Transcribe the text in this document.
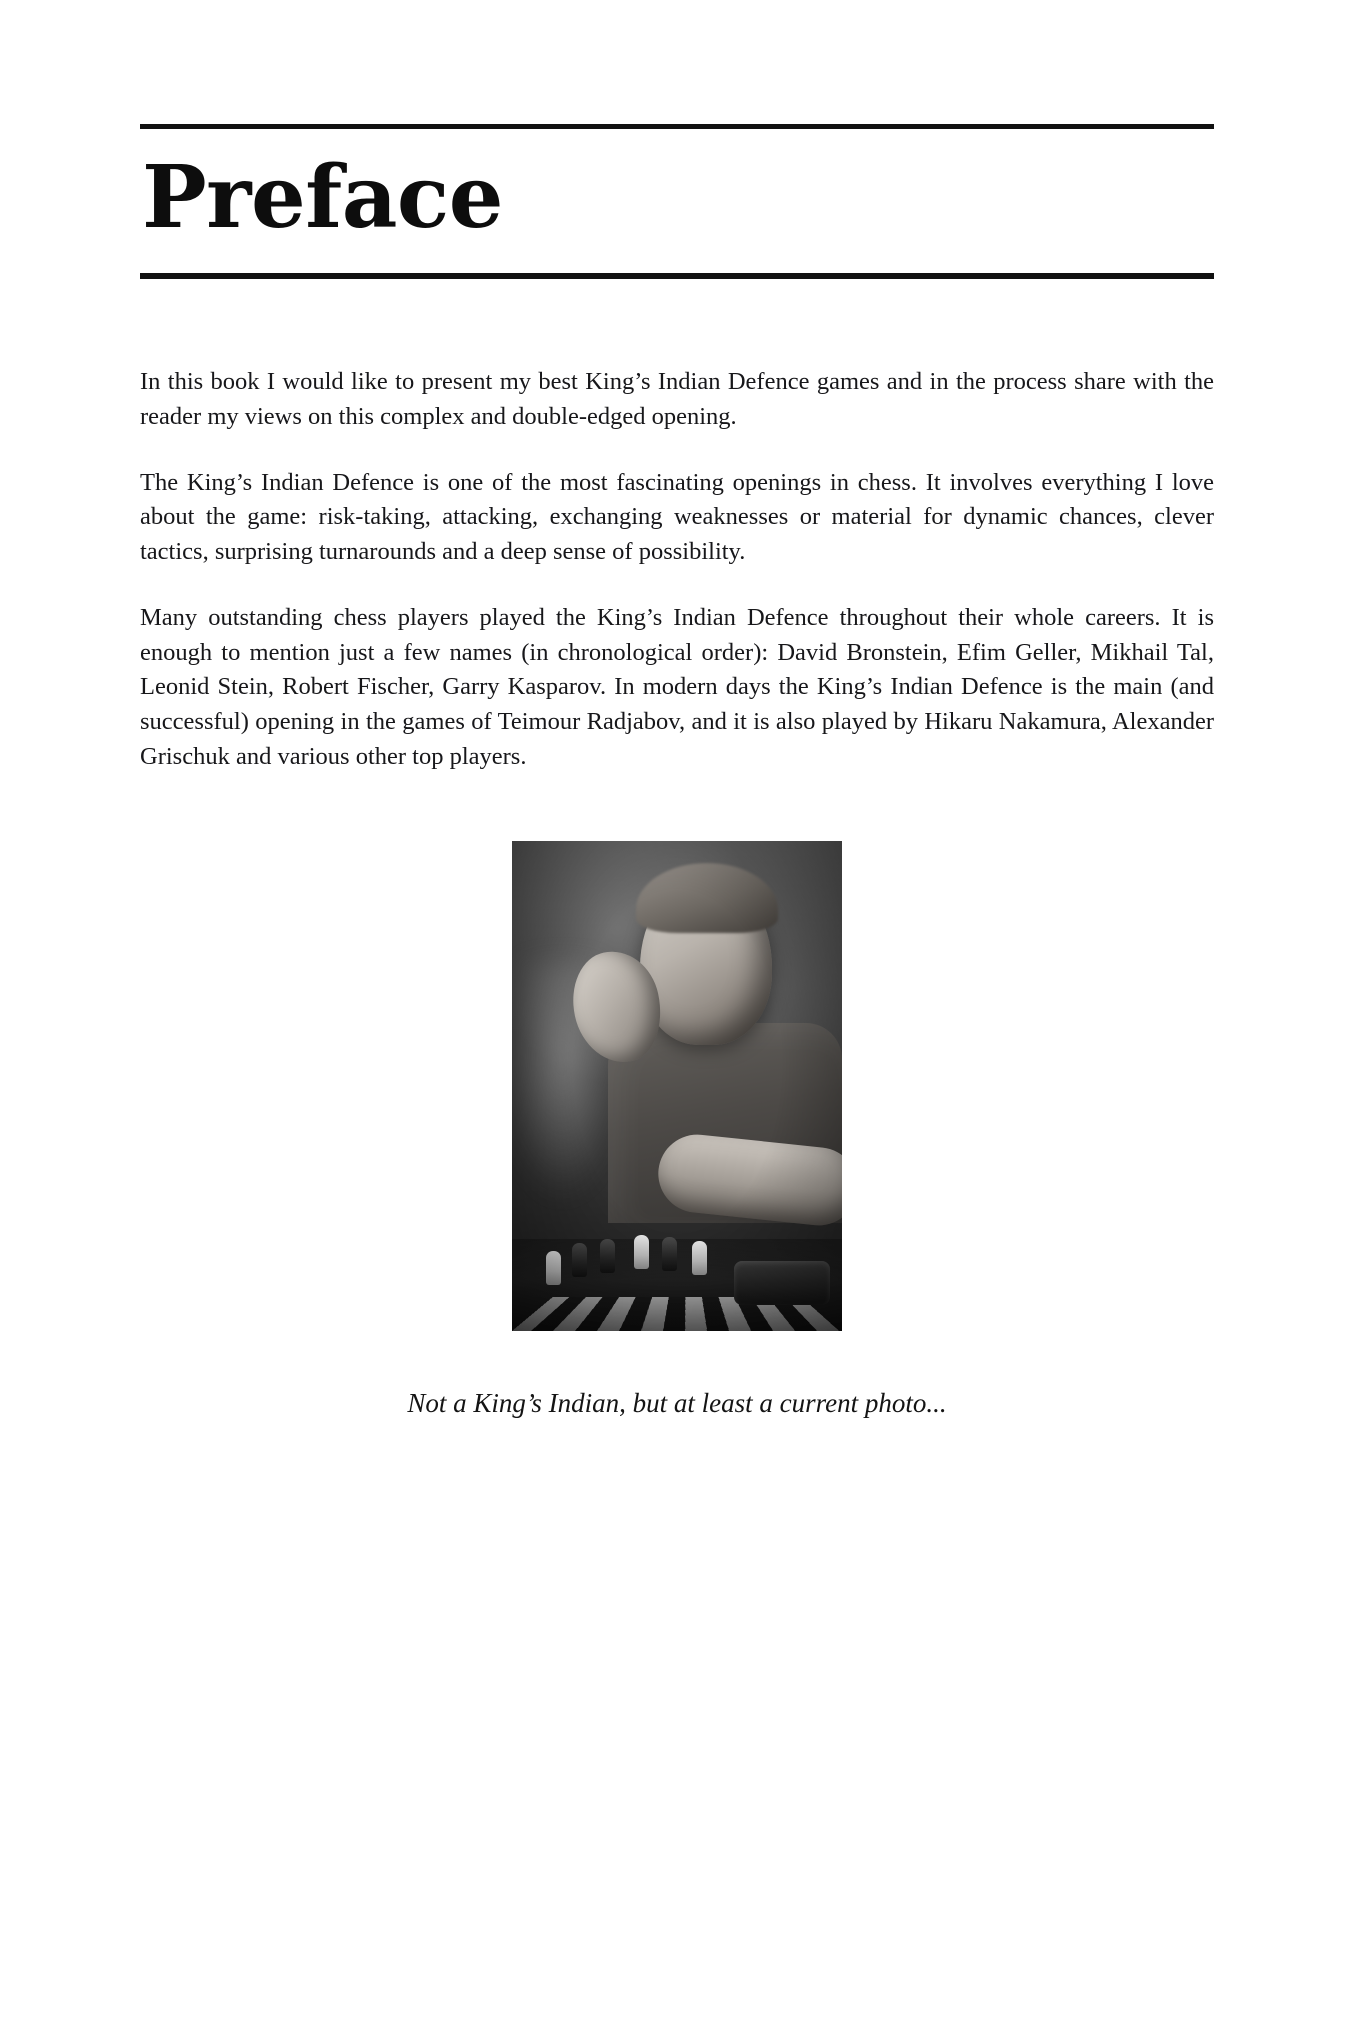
Preface

In this book I would like to present my best King’s Indian Defence games and in the process share with the reader my views on this complex and double-edged opening.

The King’s Indian Defence is one of the most fascinating openings in chess. It involves everything I love about the game: risk-taking, attacking, exchanging weaknesses or material for dynamic chances, clever tactics, surprising turnarounds and a deep sense of possibility.

Many outstanding chess players played the King’s Indian Defence throughout their whole careers. It is enough to mention just a few names (in chronological order): David Bronstein, Efim Geller, Mikhail Tal, Leonid Stein, Robert Fischer, Garry Kasparov. In modern days the King’s Indian Defence is the main (and successful) opening in the games of Teimour Radjabov, and it is also played by Hikaru Nakamura, Alexander Grischuk and various other top players.

Not a King’s Indian, but at least a current photo...
